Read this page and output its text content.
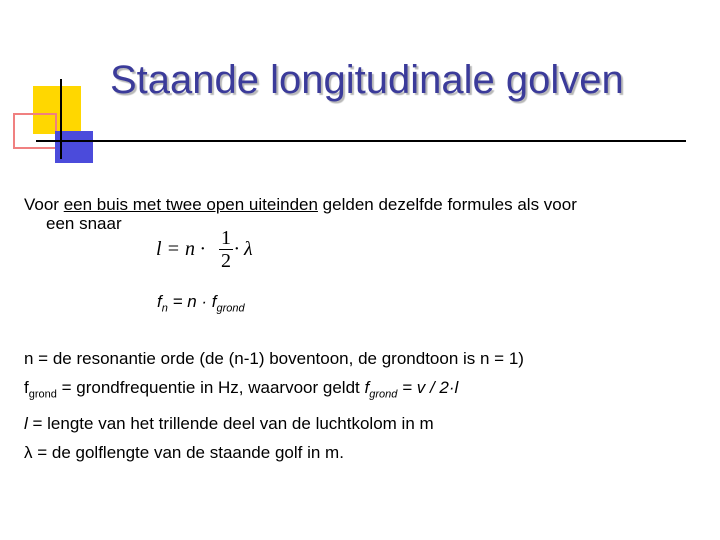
Staande longitudinale golven
Voor een buis met twee open uiteinden gelden dezelfde formules als voor
een snaar
l = n · 1
2
· λ
$f_n = n \cdot f_{grond}$
n = de resonantie orde (de (n-1) boventoon, de grondtoon is n = 1)
$f_{grond}$ = grondfrequentie in Hz, waarvoor geldt $f_{grond} = v / 2\cdot l$
l = lengte van het trillende deel van de luchtkolom in m
λ = de golflengte van de staande golf in m.
